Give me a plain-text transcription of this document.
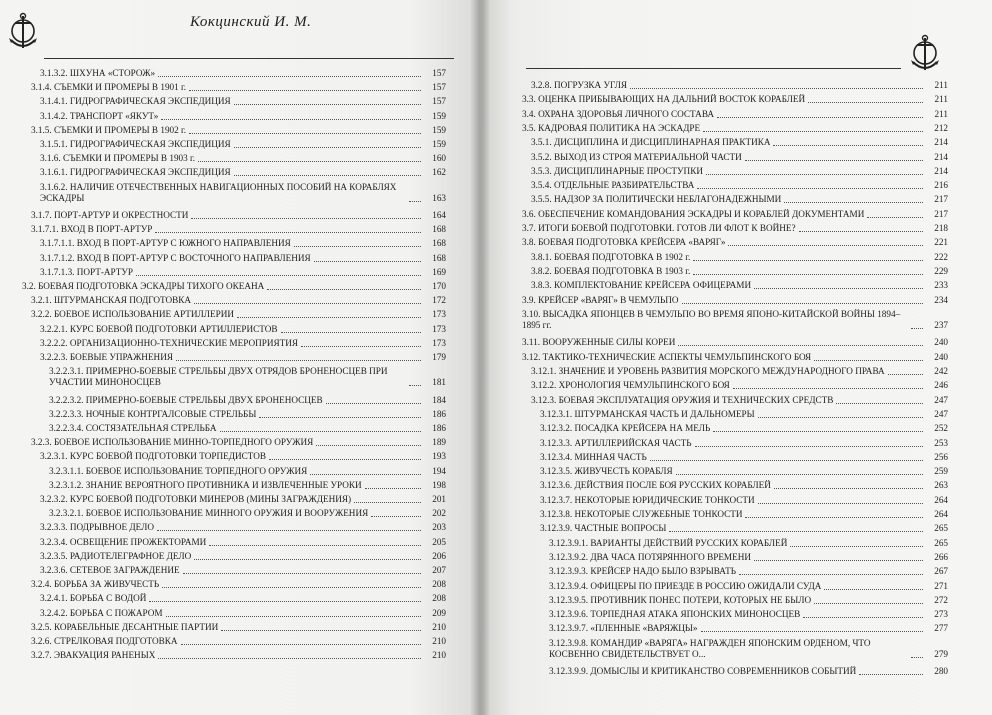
Кокцинский И. М.
3.1.3.2. ШХУНА «СТОРОЖ»	157
3.1.4. СЪЕМКИ И ПРОМЕРЫ В 1901 г.	157
3.1.4.1. ГИДРОГРАФИЧЕСКАЯ ЭКСПЕДИЦИЯ	157
3.1.4.2. ТРАНСПОРТ «ЯКУТ»	159
3.1.5. СЪЕМКИ И ПРОМЕРЫ В 1902 г.	159
3.1.5.1. ГИДРОГРАФИЧЕСКАЯ ЭКСПЕДИЦИЯ	159
3.1.6. СЪЕМКИ И ПРОМЕРЫ В 1903 г.	160
3.1.6.1. ГИДРОГРАФИЧЕСКАЯ ЭКСПЕДИЦИЯ	162
3.1.6.2. НАЛИЧИЕ ОТЕЧЕСТВЕННЫХ НАВИГАЦИОННЫХ ПОСОБИЙ НА КОРАБЛЯХ ЭСКАДРЫ	163
3.1.7. ПОРТ-АРТУР И ОКРЕСТНОСТИ	164
3.1.7.1. ВХОД В ПОРТ-АРТУР	168
3.1.7.1.1. ВХОД В ПОРТ-АРТУР С ЮЖНОГО НАПРАВЛЕНИЯ	168
3.1.7.1.2. ВХОД В ПОРТ-АРТУР С ВОСТОЧНОГО НАПРАВЛЕНИЯ	168
3.1.7.1.3. ПОРТ-АРТУР	169
3.2. БОЕВАЯ ПОДГОТОВКА ЭСКАДРЫ ТИХОГО ОКЕАНА	170
3.2.1. ШТУРМАНСКАЯ ПОДГОТОВКА	172
3.2.2. БОЕВОЕ ИСПОЛЬЗОВАНИЕ АРТИЛЛЕРИИ	173
3.2.2.1. КУРС БОЕВОЙ ПОДГОТОВКИ АРТИЛЛЕРИСТОВ	173
3.2.2.2. ОРГАНИЗАЦИОННО-ТЕХНИЧЕСКИЕ МЕРОПРИЯТИЯ	173
3.2.2.3. БОЕВЫЕ УПРАЖНЕНИЯ	179
3.2.2.3.1. ПРИМЕРНО-БОЕВЫЕ СТРЕЛЬБЫ ДВУХ ОТРЯДОВ БРОНЕНОСЦЕВ ПРИ УЧАСТИИ МИНОНОСЦЕВ	181
3.2.2.3.2. ПРИМЕРНО-БОЕВЫЕ СТРЕЛЬБЫ ДВУХ БРОНЕНОСЦЕВ	184
3.2.2.3.3. НОЧНЫЕ КОНТРГАЛСОВЫЕ СТРЕЛЬБЫ	186
3.2.2.3.4. СОСТЯЗАТЕЛЬНАЯ СТРЕЛЬБА	186
3.2.3. БОЕВОЕ ИСПОЛЬЗОВАНИЕ МИННО-ТОРПЕДНОГО ОРУЖИЯ	189
3.2.3.1. КУРС БОЕВОЙ ПОДГОТОВКИ ТОРПЕДИСТОВ	193
3.2.3.1.1. БОЕВОЕ ИСПОЛЬЗОВАНИЕ ТОРПЕДНОГО ОРУЖИЯ	194
3.2.3.1.2. ЗНАНИЕ ВЕРОЯТНОГО ПРОТИВНИКА И ИЗВЛЕЧЕННЫЕ УРОКИ	198
3.2.3.2. КУРС БОЕВОЙ ПОДГОТОВКИ МИНЕРОВ (МИНЫ ЗАГРАЖДЕНИЯ)	201
3.2.3.2.1. БОЕВОЕ ИСПОЛЬЗОВАНИЕ МИННОГО ОРУЖИЯ И ВООРУЖЕНИЯ	202
3.2.3.3. ПОДРЫВНОЕ ДЕЛО	203
3.2.3.4. ОСВЕЩЕНИЕ ПРОЖЕКТОРАМИ	205
3.2.3.5. РАДИОТЕЛЕГРАФНОЕ ДЕЛО	206
3.2.3.6. СЕТЕВОЕ ЗАГРАЖДЕНИЕ	207
3.2.4. БОРЬБА ЗА ЖИВУЧЕСТЬ	208
3.2.4.1. БОРЬБА С ВОДОЙ	208
3.2.4.2. БОРЬБА С ПОЖАРОМ	209
3.2.5. КОРАБЕЛЬНЫЕ ДЕСАНТНЫЕ ПАРТИИ	210
3.2.6. СТРЕЛКОВАЯ ПОДГОТОВКА	210
3.2.7. ЭВАКУАЦИЯ РАНЕНЫХ	210
3.2.8. ПОГРУЗКА УГЛЯ	211
3.3. ОЦЕНКА ПРИБЫВАЮЩИХ НА ДАЛЬНИЙ ВОСТОК КОРАБЛЕЙ	211
3.4. ОХРАНА ЗДОРОВЬЯ ЛИЧНОГО СОСТАВА	211
3.5. КАДРОВАЯ ПОЛИТИКА НА ЭСКАДРЕ	212
3.5.1. ДИСЦИПЛИНА И ДИСЦИПЛИНАРНАЯ ПРАКТИКА	214
3.5.2. ВЫХОД ИЗ СТРОЯ МАТЕРИАЛЬНОЙ ЧАСТИ	214
3.5.3. ДИСЦИПЛИНАРНЫЕ ПРОСТУПКИ	214
3.5.4. ОТДЕЛЬНЫЕ РАЗБИРАТЕЛЬСТВА	216
3.5.5. НАДЗОР ЗА ПОЛИТИЧЕСКИ НЕБЛАГОНАДЕЖНЫМИ	217
3.6. ОБЕСПЕЧЕНИЕ КОМАНДОВАНИЯ ЭСКАДРЫ И КОРАБЛЕЙ ДОКУМЕНТАМИ	217
3.7. ИТОГИ БОЕВОЙ ПОДГОТОВКИ. ГОТОВ ЛИ ФЛОТ К ВОЙНЕ?	218
3.8. БОЕВАЯ ПОДГОТОВКА КРЕЙСЕРА «ВАРЯГ»	221
3.8.1. БОЕВАЯ ПОДГОТОВКА В 1902 г.	222
3.8.2. БОЕВАЯ ПОДГОТОВКА В 1903 г.	229
3.8.3. КОМПЛЕКТОВАНИЕ КРЕЙСЕРА ОФИЦЕРАМИ	233
3.9. КРЕЙСЕР «ВАРЯГ» В ЧЕМУЛЬПО	234
3.10. ВЫСАДКА ЯПОНЦЕВ В ЧЕМУЛЬПО ВО ВРЕМЯ ЯПОНО-КИТАЙСКОЙ ВОЙНЫ 1894–1895 гг.	237
3.11. ВООРУЖЕННЫЕ СИЛЫ КОРЕИ	240
3.12. ТАКТИКО-ТЕХНИЧЕСКИЕ АСПЕКТЫ ЧЕМУЛЬПИНСКОГО БОЯ	240
3.12.1. ЗНАЧЕНИЕ И УРОВЕНЬ РАЗВИТИЯ МОРСКОГО МЕЖДУНАРОДНОГО ПРАВА	242
3.12.2. ХРОНОЛОГИЯ ЧЕМУЛЬПИНСКОГО БОЯ	246
3.12.3. БОЕВАЯ ЭКСПЛУАТАЦИЯ ОРУЖИЯ И ТЕХНИЧЕСКИХ СРЕДСТВ	247
3.12.3.1. ШТУРМАНСКАЯ ЧАСТЬ И ДАЛЬНОМЕРЫ	247
3.12.3.2. ПОСАДКА КРЕЙСЕРА НА МЕЛЬ	252
3.12.3.3. АРТИЛЛЕРИЙСКАЯ ЧАСТЬ	253
3.12.3.4. МИННАЯ ЧАСТЬ	256
3.12.3.5. ЖИВУЧЕСТЬ КОРАБЛЯ	259
3.12.3.6. ДЕЙСТВИЯ ПОСЛЕ БОЯ РУССКИХ КОРАБЛЕЙ	263
3.12.3.7. НЕКОТОРЫЕ ЮРИДИЧЕСКИЕ ТОНКОСТИ	264
3.12.3.8. НЕКОТОРЫЕ СЛУЖЕБНЫЕ ТОНКОСТИ	264
3.12.3.9. ЧАСТНЫЕ ВОПРОСЫ	265
3.12.3.9.1. ВАРИАНТЫ ДЕЙСТВИЙ РУССКИХ КОРАБЛЕЙ	265
3.12.3.9.2. ДВА ЧАСА ПОТЯРЯННОГО ВРЕМЕНИ	266
3.12.3.9.3. КРЕЙСЕР НАДО БЫЛО ВЗРЫВАТЬ	267
3.12.3.9.4. ОФИЦЕРЫ ПО ПРИЕЗДЕ В РОССИЮ ОЖИДАЛИ СУДА	271
3.12.3.9.5. ПРОТИВНИК ПОНЕС ПОТЕРИ, КОТОРЫХ НЕ БЫЛО	272
3.12.3.9.6. ТОРПЕДНАЯ АТАКА ЯПОНСКИХ МИНОНОСЦЕВ	273
3.12.3.9.7. «ПЛЕННЫЕ «ВАРЯЖЦЫ»	277
3.12.3.9.8. КОМАНДИР «ВАРЯГА» НАГРАЖДЕН ЯПОНСКИМ ОРДЕНОМ, ЧТО КОСВЕННО СВИДЕТЕЛЬСТВУЕТ О...	279
3.12.3.9.9. ДОМЫСЛЫ И КРИТИКАНСТВО СОВРЕМЕННИКОВ СОБЫТИЙ	280
